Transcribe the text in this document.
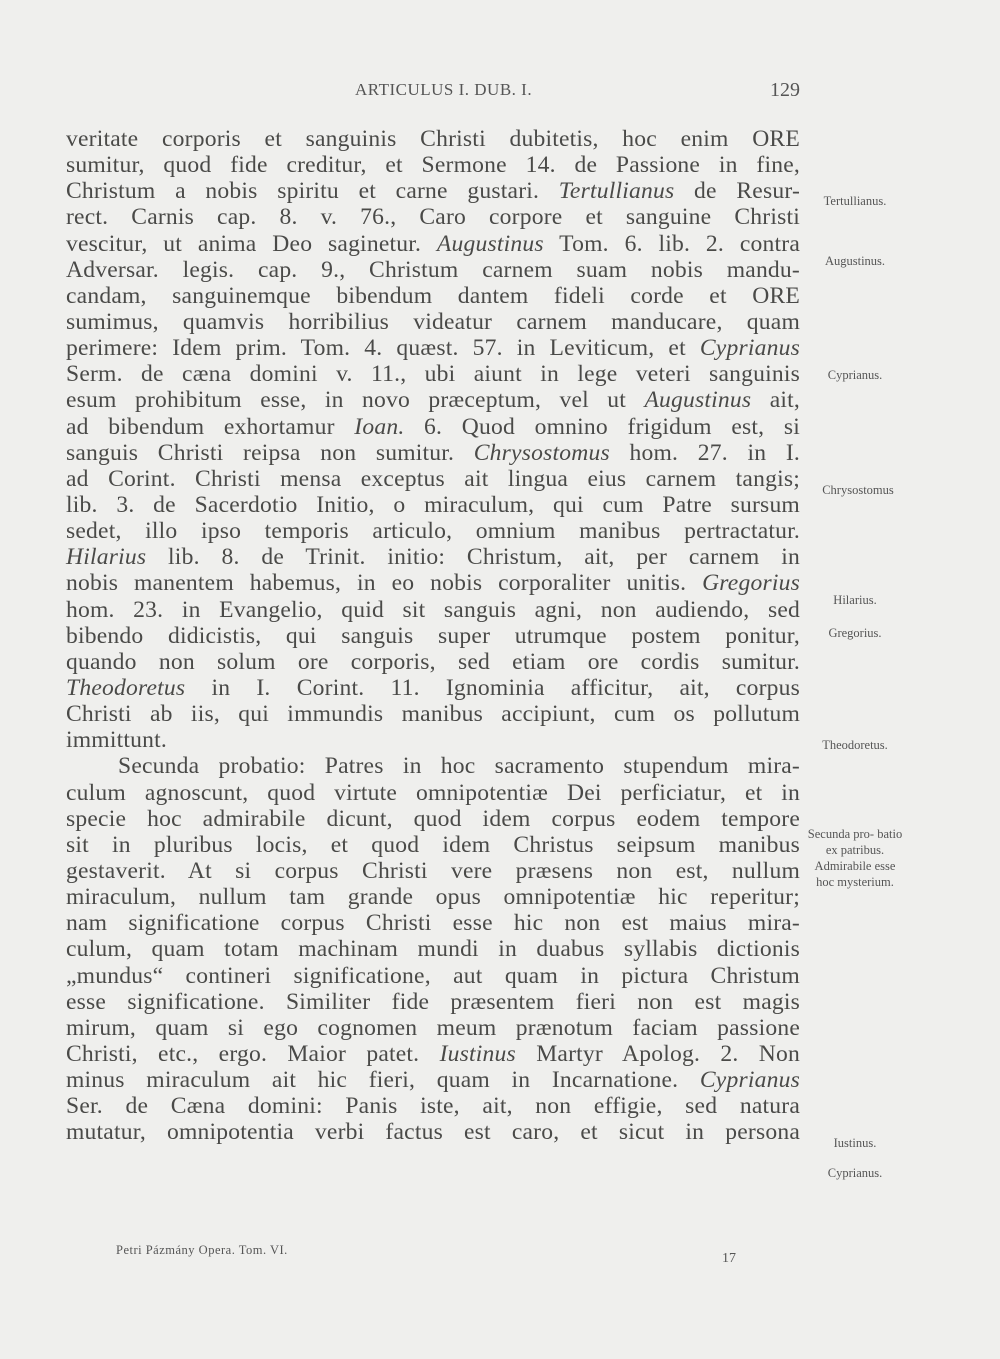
ARTICULUS I. DUB. I.	129
veritate corporis et sanguinis Christi dubitetis, hoc enim ORE
sumitur, quod fide creditur, et Sermone 14. de Passione in fine,
Christum a nobis spiritu et carne gustari. Tertullianus de Resur-
rect. Carnis cap. 8. v. 76., Caro corpore et sanguine Christi
vescitur, ut anima Deo saginetur. Augustinus Tom. 6. lib. 2. contra
Adversar. legis. cap. 9., Christum carnem suam nobis mandu-
candam, sanguinemque bibendum dantem fideli corde et ORE
sumimus, quamvis horribilius videatur carnem manducare, quam
perimere: Idem prim. Tom. 4. quæst. 57. in Leviticum, et Cyprianus
Serm. de cæna domini v. 11., ubi aiunt in lege veteri sanguinis
esum prohibitum esse, in novo præceptum, vel ut Augustinus ait,
ad bibendum exhortamur Ioan. 6. Quod omnino frigidum est, si
sanguis Christi reipsa non sumitur. Chrysostomus hom. 27. in I.
ad Corint. Christi mensa exceptus ait lingua eius carnem tangis;
lib. 3. de Sacerdotio Initio, o miraculum, qui cum Patre sursum
sedet, illo ipso temporis articulo, omnium manibus pertractatur.
Hilarius lib. 8. de Trinit. initio: Christum, ait, per carnem in
nobis manentem habemus, in eo nobis corporaliter unitis. Gregorius
hom. 23. in Evangelio, quid sit sanguis agni, non audiendo, sed
bibendo didicistis, qui sanguis super utrumque postem ponitur,
quando non solum ore corporis, sed etiam ore cordis sumitur.
Theodoretus in I. Corint. 11. Ignominia afficitur, ait, corpus
Christi ab iis, qui immundis manibus accipiunt, cum os pollutum
immittunt.
Secunda probatio: Patres in hoc sacramento stupendum mira-
culum agnoscunt, quod virtute omnipotentiæ Dei perficiatur, et in
specie hoc admirabile dicunt, quod idem corpus eodem tempore
sit in pluribus locis, et quod idem Christus seipsum manibus
gestaverit. At si corpus Christi vere præsens non est, nullum
miraculum, nullum tam grande opus omnipotentiæ hic reperitur;
nam significatione corpus Christi esse hic non est maius mira-
culum, quam totam machinam mundi in duabus syllabis dictionis
„mundus“ contineri significatione, aut quam in pictura Christum
esse significatione. Similiter fide præsentem fieri non est magis
mirum, quam si ego cognomen meum prænotum faciam passione
Christi, etc., ergo. Maior patet. Iustinus Martyr Apolog. 2. Non
minus miraculum ait hic fieri, quam in Incarnatione. Cyprianus
Ser. de Cæna domini: Panis iste, ait, non effigie, sed natura
mutatur, omnipotentia verbi factus est caro, et sicut in persona
Tertullianus.
Augustinus.
Cyprianus.
Chrysostomus
Hilarius.
Gregorius.
Theodoretus.
Secunda pro- batio ex patribus. Admirabile esse hoc mysterium.
Iustinus.
Cyprianus.
Petri Pázmány Opera. Tom. VI.
17
